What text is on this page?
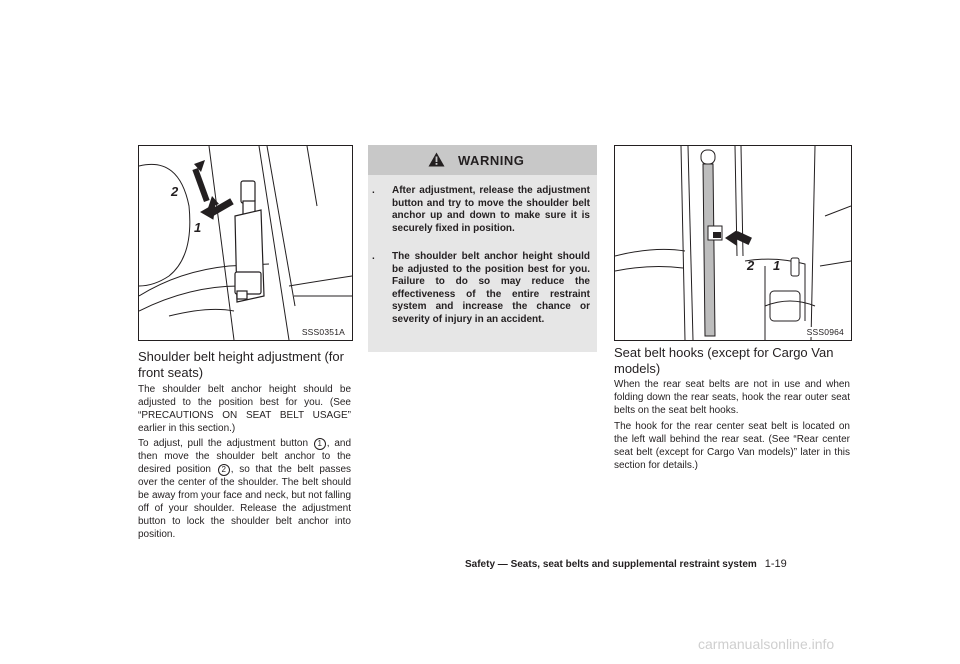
2
1
SSS0351A
Shoulder belt height adjustment (for front seats)

The shoulder belt anchor height should be adjusted to the position best for you. (See “PRECAUTIONS ON SEAT BELT USAGE” earlier in this section.)

To adjust, pull the adjustment button 1 , and then move the shoulder belt anchor to the desired position 2 , so that the belt passes over the center of the shoulder. The belt should be away from your face and neck, but not falling off of your shoulder. Release the adjustment button to lock the shoulder belt anchor into position.

WARNING
. After adjustment, release the adjustment button and try to move the shoulder belt anchor up and down to make sure it is securely fixed in position.
. The shoulder belt anchor height should be adjusted to the position best for you. Failure to do so may reduce the effectiveness of the entire restraint system and increase the chance or severity of injury in an accident.
2 1
SSS0964
Seat belt hooks (except for Cargo Van models)

When the rear seat belts are not in use and when folding down the rear seats, hook the rear outer seat belts on the seat belt hooks.

The hook for the rear center seat belt is located on the left wall behind the rear seat. (See “Rear center seat belt (except for Cargo Van models)” later in this section for details.)

Safety — Seats, seat belts and supplemental restraint system 1-19
carmanualsonline.info
